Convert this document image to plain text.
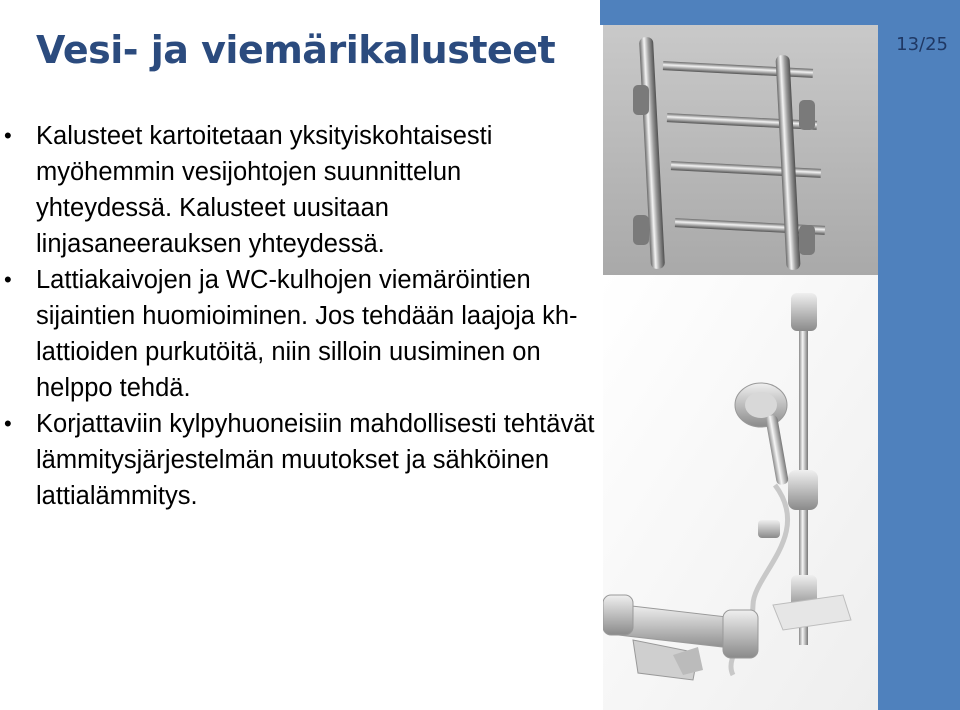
13/25
Vesi- ja viemärikalusteet
• Kalusteet kartoitetaan yksityiskohtaisesti myöhemmin vesijohtojen suunnittelun yhteydessä. Kalusteet uusitaan linjasaneerauksen yhteydessä.
• Lattiakaivojen ja WC-kulhojen viemäröintien sijaintien huomioiminen. Jos tehdään laajoja kh-lattioiden purkutöitä, niin silloin uusiminen on helppo tehdä.
• Korjattaviin kylpyhuoneisiin mahdollisesti tehtävät lämmitysjärjestelmän muutokset ja sähköinen lattialämmitys.
